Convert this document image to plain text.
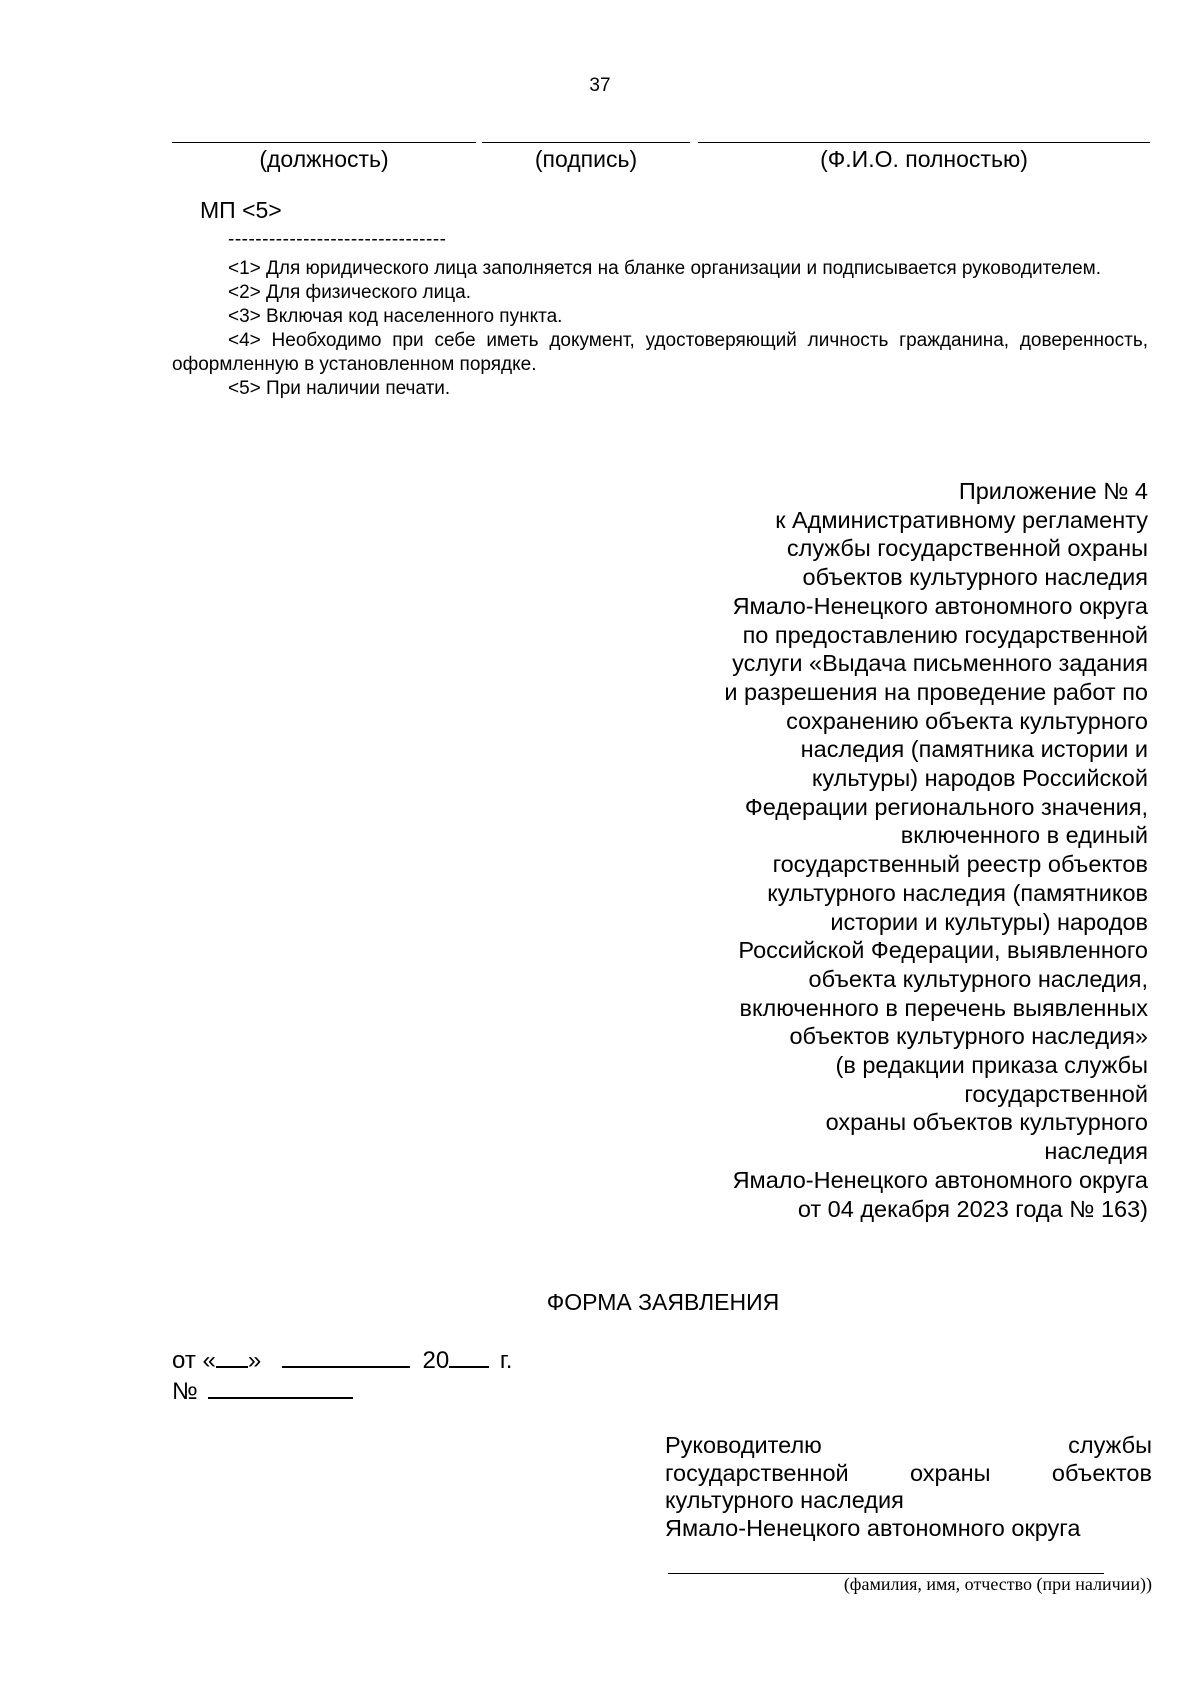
37
(должность)	(подпись)	(Ф.И.О. полностью)
МП <5>
--------------------------------

<1> Для юридического лица заполняется на бланке организации и подписывается руководителем.

<2> Для физического лица.

<3> Включая код населенного пункта.

<4> Необходимо при себе иметь документ, удостоверяющий личность гражданина, доверенность, оформленную в установленном порядке.

<5> При наличии печати.

Приложение № 4
к Административному регламенту
службы государственной охраны
объектов культурного наследия
Ямало-Ненецкого автономного округа
по предоставлению государственной
услуги «Выдача письменного задания
и разрешения на проведение работ по
сохранению объекта культурного
наследия (памятника истории и
культуры) народов Российской
Федерации регионального значения,
включенного в единый
государственный реестр объектов
культурного наследия (памятников
истории и культуры) народов
Российской Федерации, выявленного
объекта культурного наследия,
включенного в перечень выявленных
объектов культурного наследия»
(в редакции приказа службы
государственной
охраны объектов культурного
наследия
Ямало-Ненецкого автономного округа
от 04 декабря 2023 года № 163)
ФОРМА ЗАЯВЛЕНИЯ
от « »	20 г.
№

Руководителю службы

государственной охраны объектов

культурного наследия

Ямало-Ненецкого автономного округа

(фамилия, имя, отчество (при наличии))
